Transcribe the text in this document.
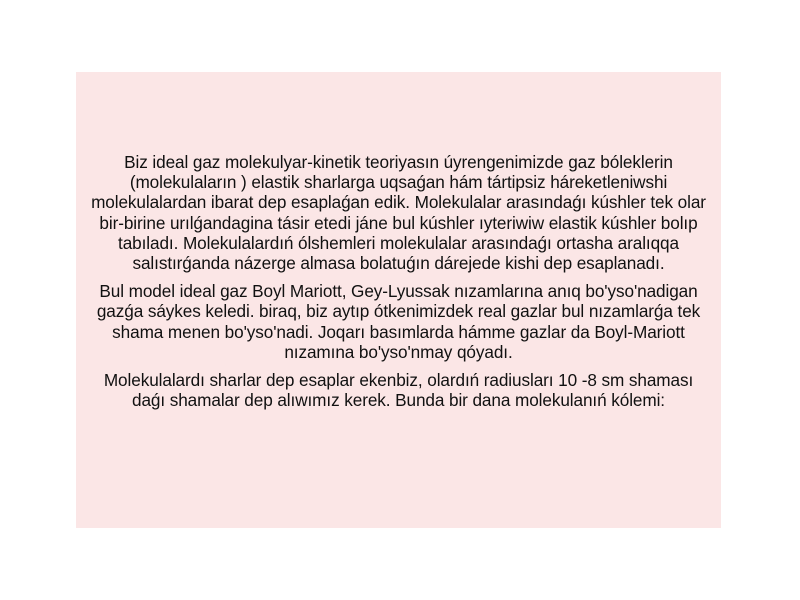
Biz ideal gaz molekulyar-kinetik teoriyasın úyrengenimizde gaz bóleklerin (molekulaların ) elastik sharlarga uqsaǵan hám tártipsiz háreketleniwshi molekulalardan ibarat dep esaplaǵan edik. Molekulalar arasındaǵı kúshler tek olar bir-birine urılǵandagina tásir etedi jáne bul kúshler ıyteriwiw elastik kúshler bolıp tabıladı. Molekulalardıń ólshemleri molekulalar arasındaǵı ortasha aralıqqa salıstırǵanda názerge almasa bolatuǵın dárejede kishi dep esaplanadı.

Bul model ideal gaz Boyl Mariott, Gey-Lyussak nızamlarına anıq bo'yso'nadigan gazǵa sáykes keledi. biraq, biz aytıp ótkenimizdek real gazlar bul nızamlarǵa tek shama menen bo'yso'nadi. Joqarı basımlarda hámme gazlar da Boyl-Mariott nızamına bo'yso'nmay qóyadı.

Molekulalardı sharlar dep esaplar ekenbiz, olardıń radiusları 10 -8 sm shaması daǵı shamalar dep alıwımız kerek. Bunda bir dana molekulanıń kólemi:
